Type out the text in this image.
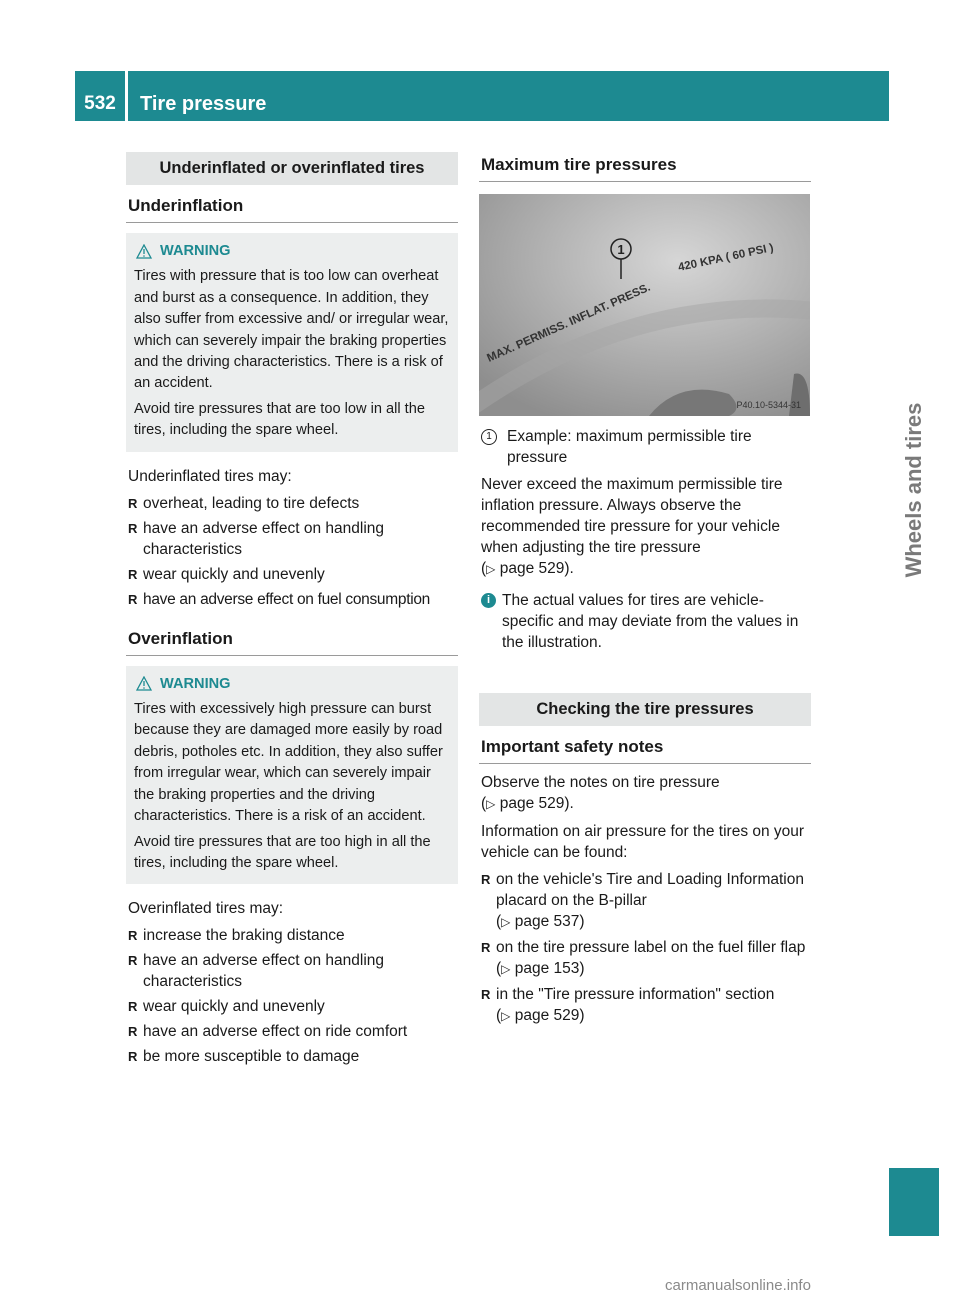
532	Tire pressure
Wheels and tires
Underinflated or overinflated tires
Underinflation
WARNING

Tires with pressure that is too low can overheat and burst as a consequence. In addition, they also suffer from excessive and/ or irregular wear, which can severely impair the braking properties and the driving characteristics. There is a risk of an accident.

Avoid tire pressures that are too low in all the tires, including the spare wheel.

Underinflated tires may:

R overheat, leading to tire defects
R have an adverse effect on handling characteristics
R wear quickly and unevenly
R have an adverse effect on fuel consumption
Overinflation
WARNING

Tires with excessively high pressure can burst because they are damaged more easily by road debris, potholes etc. In addition, they also suffer from irregular wear, which can severely impair the braking properties and the driving characteristics. There is a risk of an accident.

Avoid tire pressures that are too high in all the tires, including the spare wheel.

Overinflated tires may:

R increase the braking distance
R have an adverse effect on handling characteristics
R wear quickly and unevenly
R have an adverse effect on ride comfort
R be more susceptible to damage
Maximum tire pressures
MAX. PERMISS. INFLAT. PRESS.
420 KPA ( 60 PSI )
1
P40.10-5344-31
1 Example: maximum permissible tire pressure

Never exceed the maximum permissible tire inflation pressure. Always observe the recommended tire pressure for your vehicle when adjusting the tire pressure
(▷ page 529).

i The actual values for tires are vehicle-specific and may deviate from the values in the illustration.
Checking the tire pressures
Important safety notes

Observe the notes on tire pressure
(▷ page 529).

Information on air pressure for the tires on your vehicle can be found:

R on the vehicle's Tire and Loading Information placard on the B-pillar
(▷ page 537)
R on the tire pressure label on the fuel filler flap (▷ page 153)
R in the "Tire pressure information" section
(▷ page 529)
carmanualsonline.info
